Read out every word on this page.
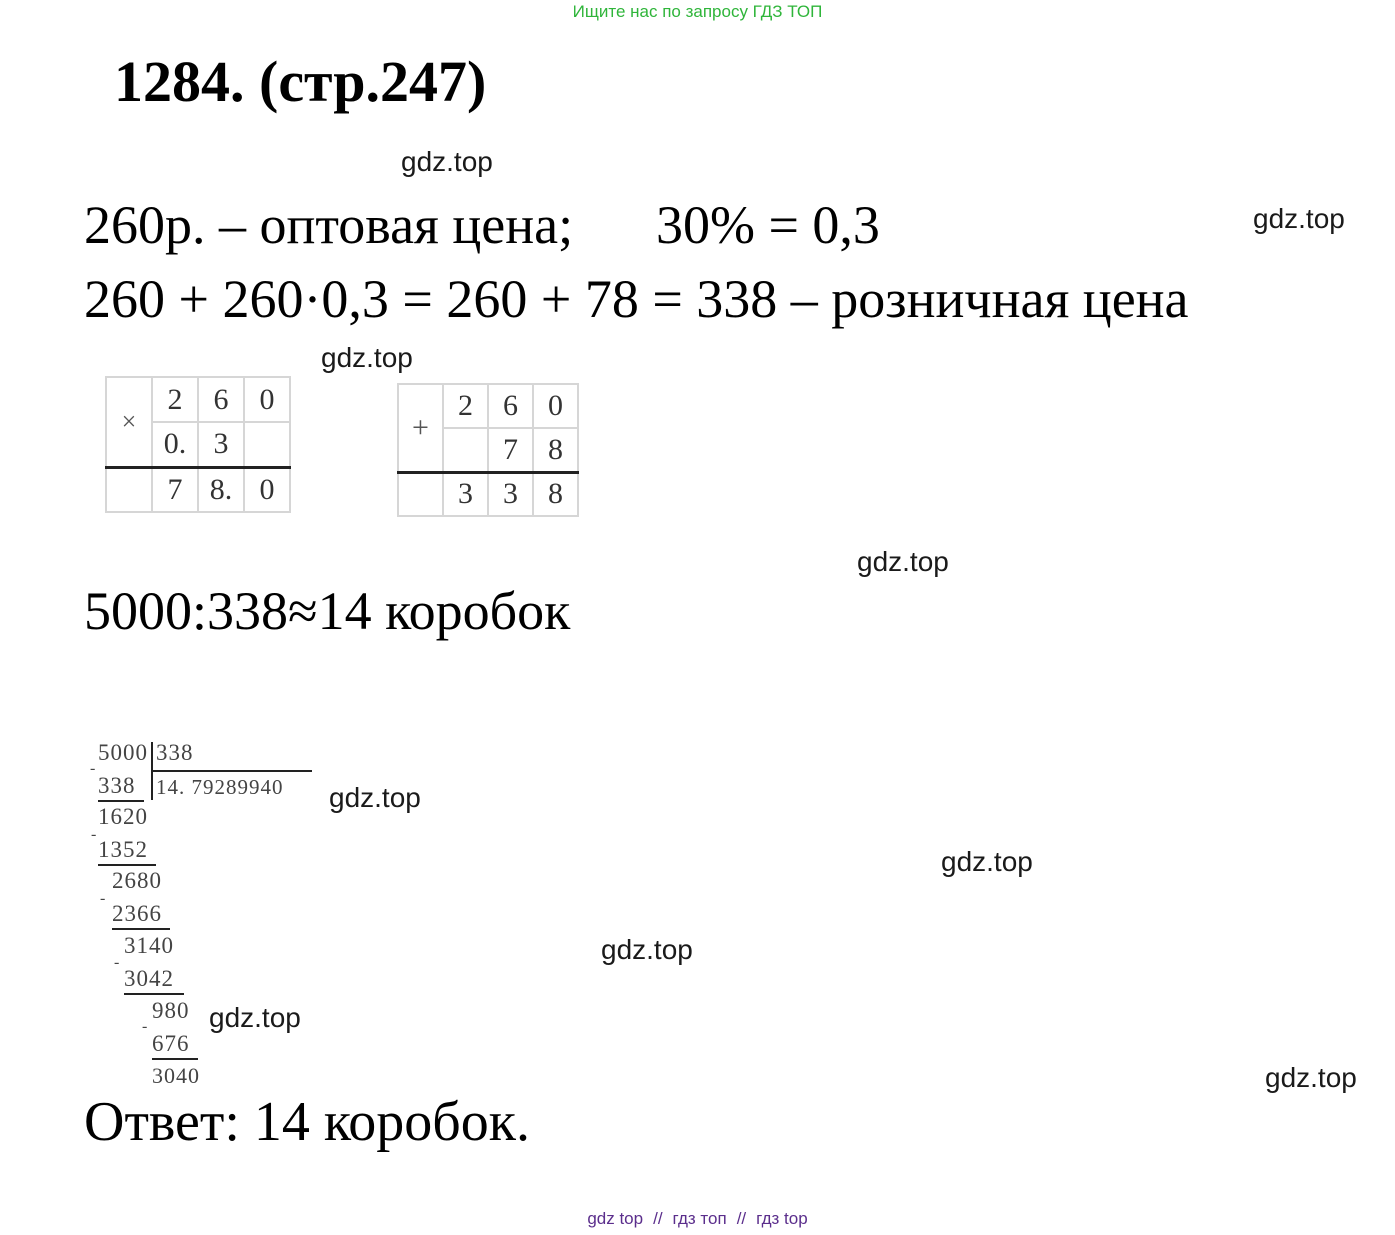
Ищите нас по запросу ГДЗ ТОП
1284. (стр.247)
gdz.top
gdz.top
gdz.top
gdz.top
gdz.top
gdz.top
gdz.top
gdz.top
gdz.top
260р. – оптовая цена; 30% = 0,3
260 + 260·0,3 = 260 + 78 = 338 – розничная цена
×	2	6	0
	0.	3	
	7	8.	0
+	2	6	0
		7	8
	3	3	8
5000:338≈14 коробок
5000 338
14. 79289940
-
338
1620
-
1352
2680
-
2366
3140
-
3042
980
-
676
3040
Ответ: 14 коробок.
gdz top // гдз топ // гдз top
